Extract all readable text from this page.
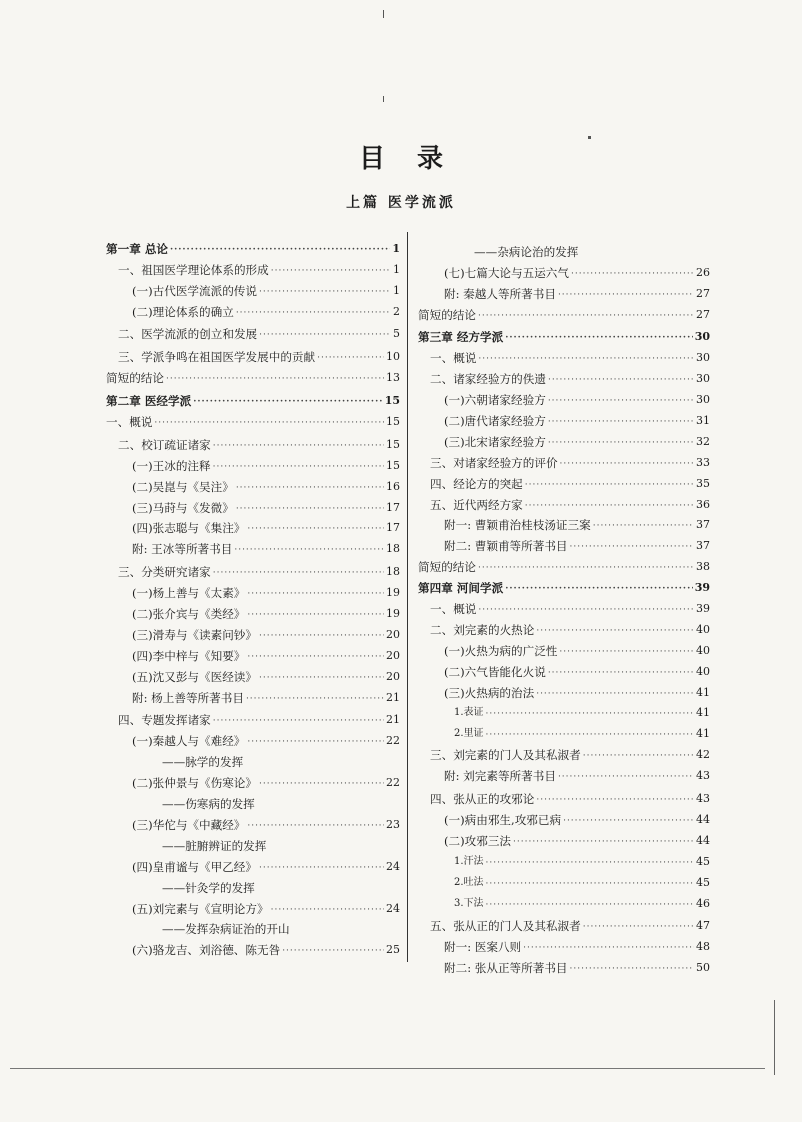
目录
上篇 医学流派
第一章 总论 ·····	1
一、祖国医学理论体系的形成 ·····	1
(一)古代医学流派的传说 ·····	1
(二)理论体系的确立 ·····	2
二、医学流派的创立和发展 ·····	5
三、学派争鸣在祖国医学发展中的贡献 ·····	10
简短的结论 ·····	13
第二章 医经学派 ·····	15
一、概说 ·····	15
二、校订疏证诸家 ·····	15
(一)王冰的注释 ·····	15
(二)吴崑与《吴注》 ·····	16
(三)马莳与《发微》 ·····	17
(四)张志聪与《集注》 ·····	17
附: 王冰等所著书目 ·····	18
三、分类研究诸家 ·····	18
(一)杨上善与《太素》 ·····	19
(二)张介宾与《类经》 ·····	19
(三)滑寿与《读素问钞》 ·····	20
(四)李中梓与《知要》 ·····	20
(五)沈又彭与《医经读》 ·····	20
附: 杨上善等所著书目 ·····	21
四、专题发挥诸家 ·····	21
(一)秦越人与《难经》 ·····	22
——脉学的发挥
(二)张仲景与《伤寒论》 ·····	22
——伤寒病的发挥
(三)华佗与《中藏经》 ·····	23
——脏腑辨证的发挥
(四)皇甫谧与《甲乙经》 ·····	24
——针灸学的发挥
(五)刘完素与《宣明论方》 ·····	24
——发挥杂病证治的开山
(六)骆龙吉、刘浴德、陈无咎 ·····	25
——杂病论治的发挥
(七)七篇大论与五运六气 ·····	26
附: 秦越人等所著书目 ·····	27
简短的结论 ·····	27
第三章 经方学派 ·····	30
一、概说 ·····	30
二、诸家经验方的佚遗 ·····	30
(一)六朝诸家经验方 ·····	30
(二)唐代诸家经验方 ·····	31
(三)北宋诸家经验方 ·····	32
三、对诸家经验方的评价 ·····	33
四、经论方的突起 ·····	35
五、近代两经方家 ·····	36
附一: 曹颖甫治桂枝汤证三案 ·····	37
附二: 曹颖甫等所著书目 ·····	37
简短的结论 ·····	38
第四章 河间学派 ·····	39
一、概说 ·····	39
二、刘完素的火热论 ·····	40
(一)火热为病的广泛性 ·····	40
(二)六气皆能化火说 ·····	40
(三)火热病的治法 ·····	41
1.表证 ·····	41
2.里证 ·····	41
三、刘完素的门人及其私淑者 ·····	42
附: 刘完素等所著书目 ·····	43
四、张从正的攻邪论 ·····	43
(一)病由邪生,攻邪已病 ·····	44
(二)攻邪三法 ·····	44
1.汗法 ·····	45
2.吐法 ·····	45
3.下法 ·····	46
五、张从正的门人及其私淑者 ·····	47
附一: 医案八则 ·····	48
附二: 张从正等所著书目 ·····	50
